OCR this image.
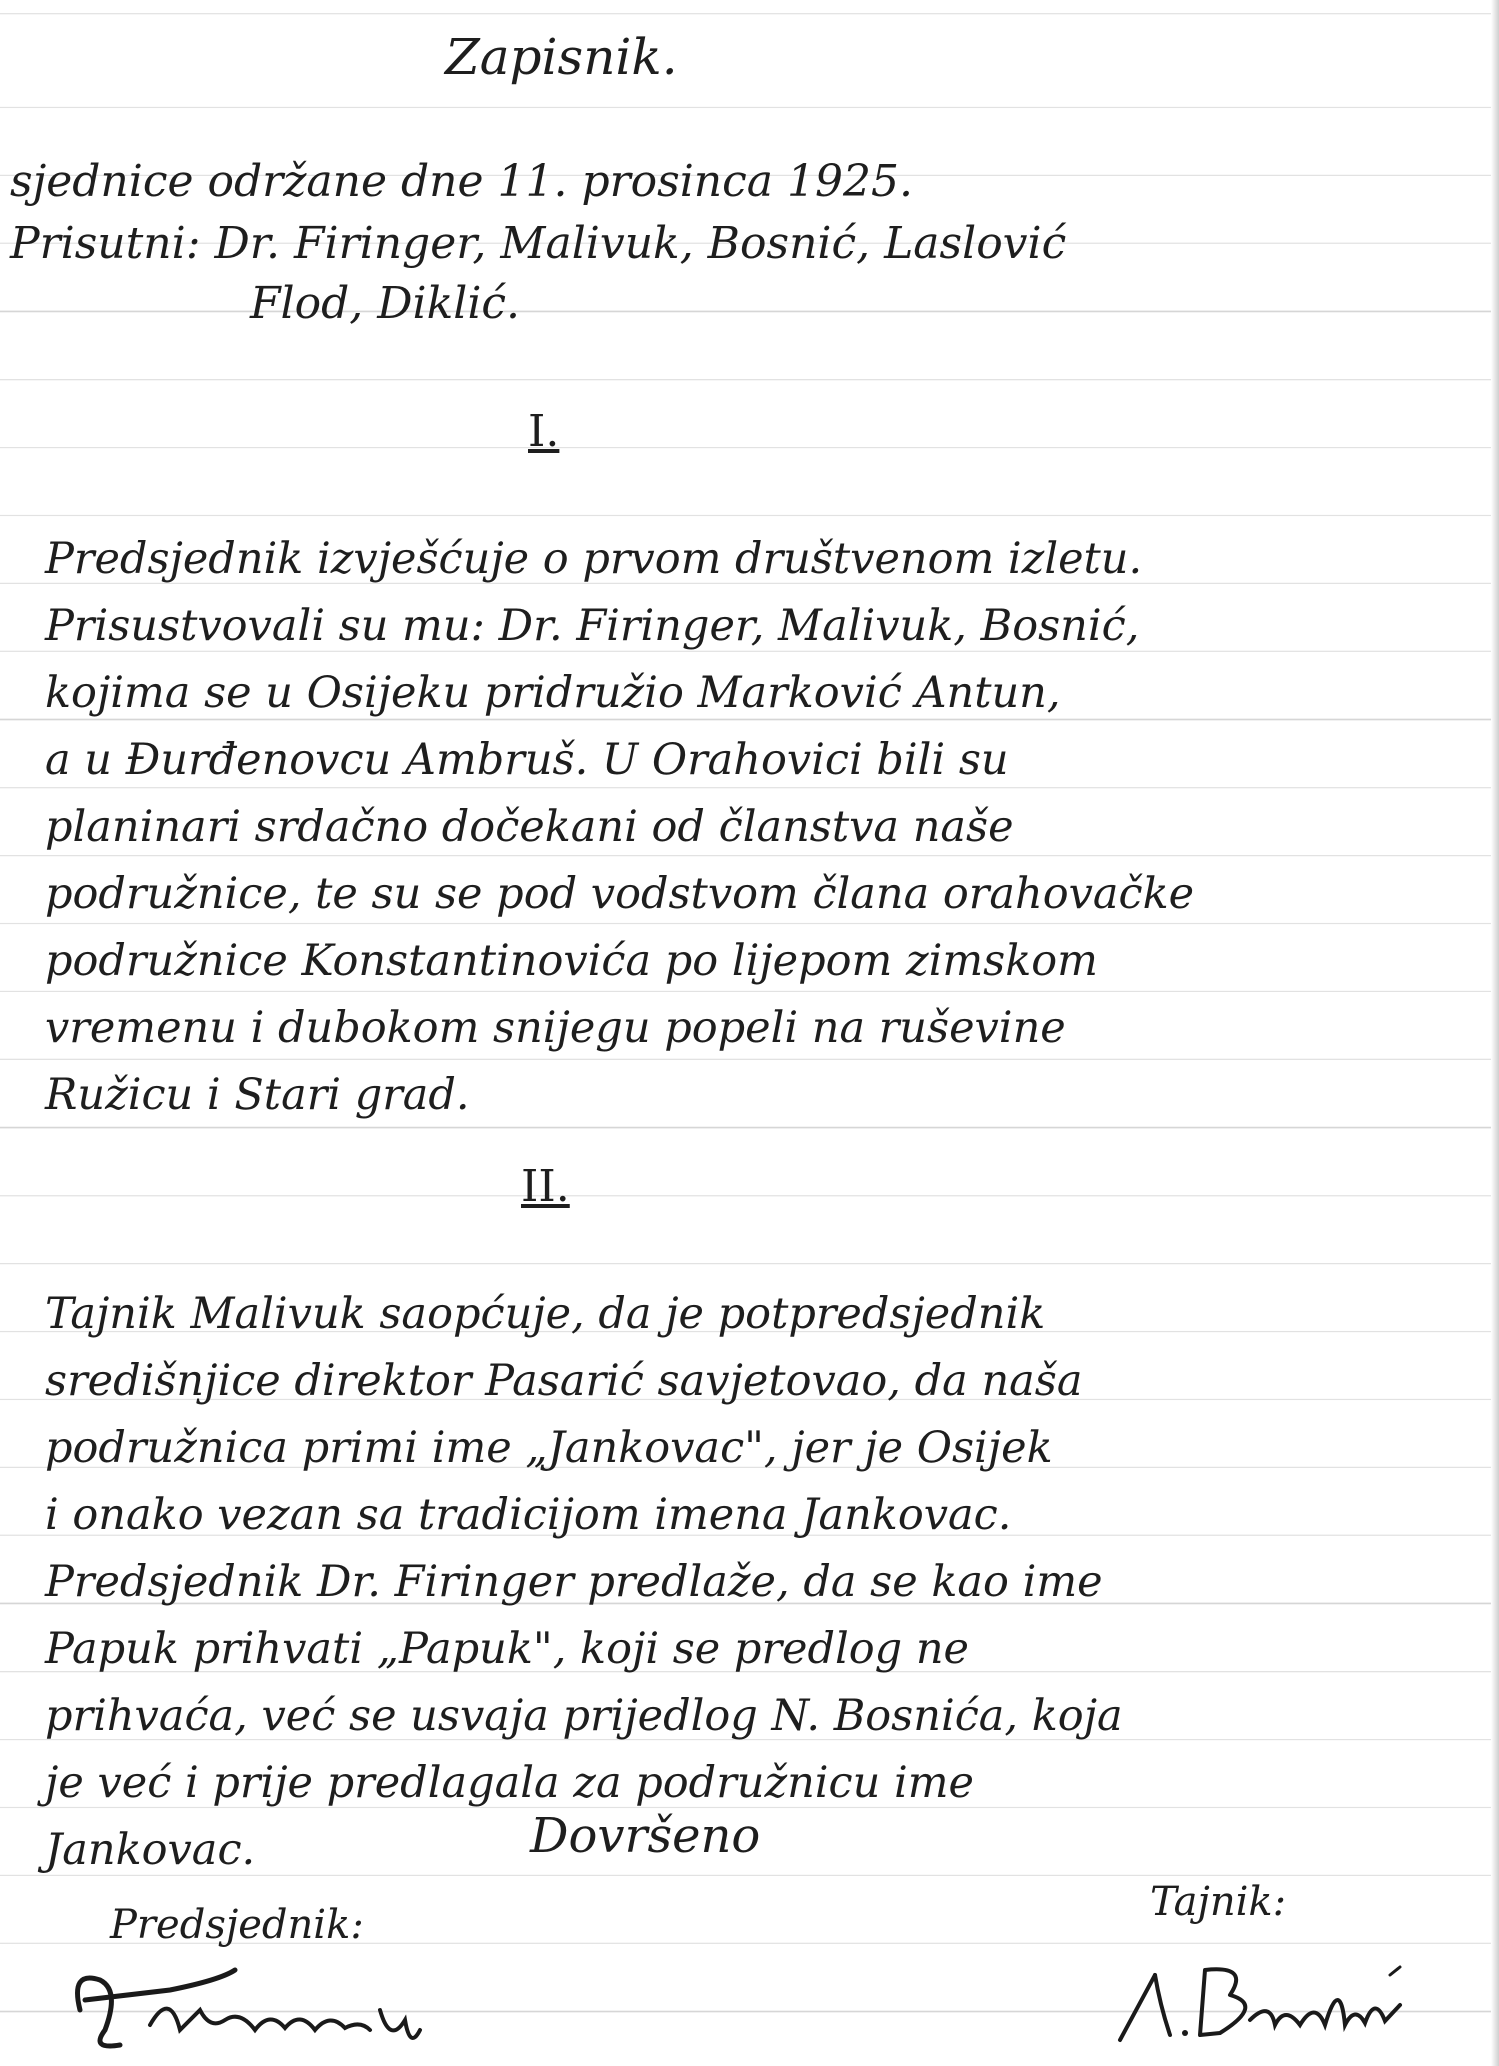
Zapisnik.
sjednice održane dne 11. prosinca 1925.
Prisutni: Dr. Firinger, Malivuk, Bosnić, Laslović
Flod, Diklić.
I.
Predsjednik izvješćuje o prvom društvenom izletu.
Prisustvovali su mu: Dr. Firinger, Malivuk, Bosnić,
kojima se u Osijeku pridružio Marković Antun,
a u Đurđenovcu Ambruš. U Orahovici bili su
planinari srdačno dočekani od članstva naše
podružnice, te su se pod vodstvom člana orahovačke
podružnice Konstantinovića po lijepom zimskom
vremenu i dubokom snijegu popeli na ruševine
Ružicu i Stari grad.
II.
Tajnik Malivuk saopćuje, da je potpredsjednik
središnjice direktor Pasarić savjetovao, da naša
podružnica primi ime „Jankovac", jer je Osijek
i onako vezan sa tradicijom imena Jankovac.
Predsjednik Dr. Firinger predlaže, da se kao ime
Papuk prihvati „Papuk", koji se predlog ne
prihvaća, već se usvaja prijedlog N. Bosnića, koja
je već i prije predlagala za podružnicu ime
Jankovac.	Dovršeno
Predsjednik:	Tajnik:
